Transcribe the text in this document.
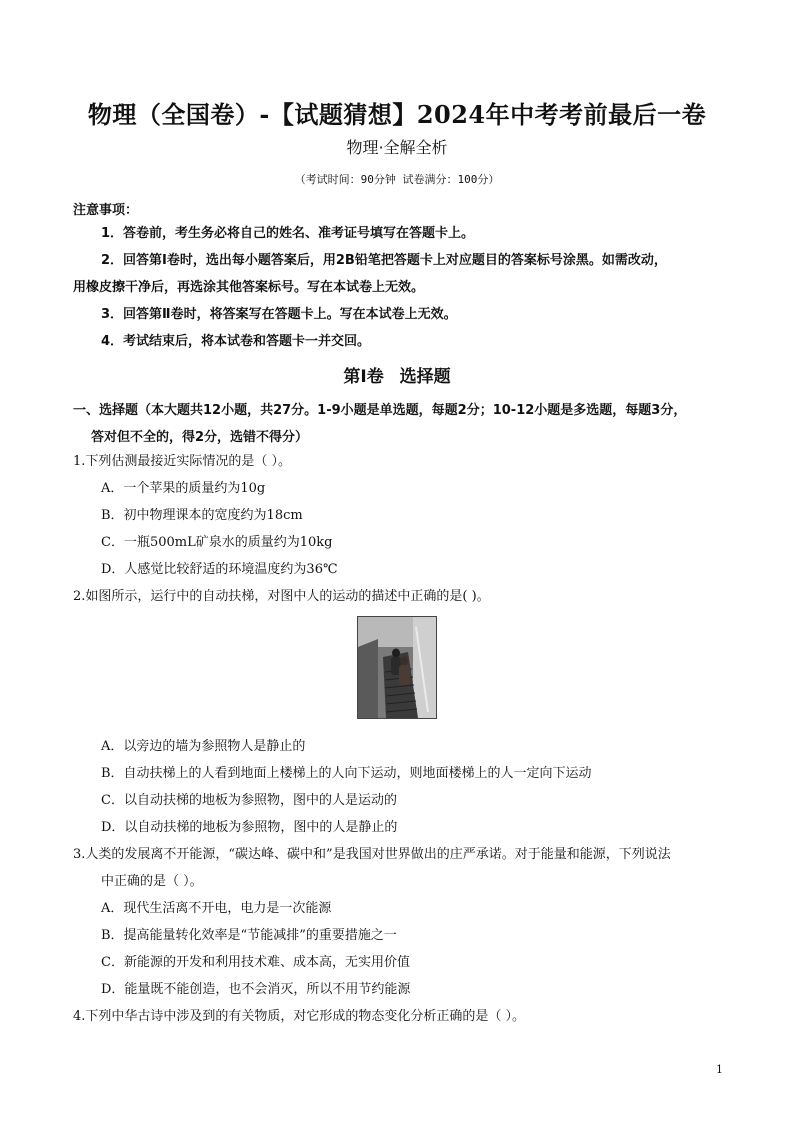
物理（全国卷）-【试题猜想】2024年中考考前最后一卷
物理·全解全析
（考试时间：90分钟 试卷满分：100分）
注意事项：
1．答卷前，考生务必将自己的姓名、准考证号填写在答题卡上。
2．回答第Ⅰ卷时，选出每小题答案后，用2B铅笔把答题卡上对应题目的答案标号涂黑。如需改动，
用橡皮擦干净后，再选涂其他答案标号。写在本试卷上无效。
3．回答第Ⅱ卷时，将答案写在答题卡上。写在本试卷上无效。
4．考试结束后，将本试卷和答题卡一并交回。
第Ⅰ卷 选择题
一、选择题（本大题共12小题，共27分。1-9小题是单选题，每题2分；10-12小题是多选题，每题3分，
答对但不全的，得2分，选错不得分）
1.下列估测最接近实际情况的是（ ）。
A．一个苹果的质量约为10g
B．初中物理课本的宽度约为18cm
C．一瓶500mL矿泉水的质量约为10kg
D．人感觉比较舒适的环境温度约为36℃
2.如图所示，运行中的自动扶梯，对图中人的运动的描述中正确的是( )。
A．以旁边的墙为参照物人是静止的
B．自动扶梯上的人看到地面上楼梯上的人向下运动，则地面楼梯上的人一定向下运动
C．以自动扶梯的地板为参照物，图中的人是运动的
D．以自动扶梯的地板为参照物，图中的人是静止的
3.人类的发展离不开能源，“碳达峰、碳中和”是我国对世界做出的庄严承诺。对于能量和能源，下列说法
中正确的是（ ）。
A．现代生活离不开电，电力是一次能源
B．提高能量转化效率是“节能减排”的重要措施之一
C．新能源的开发和利用技术难、成本高，无实用价值
D．能量既不能创造，也不会消灭，所以不用节约能源
4.下列中华古诗中涉及到的有关物质，对它形成的物态变化分析正确的是（ ）。
1
